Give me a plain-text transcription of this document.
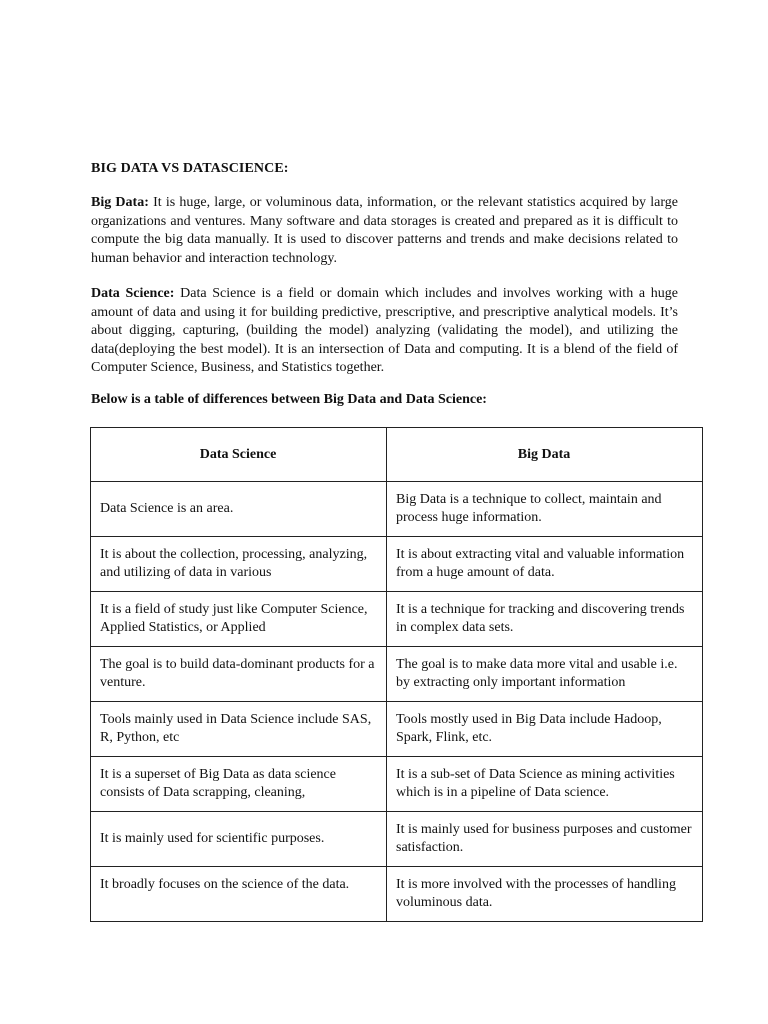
BIG DATA VS DATASCIENCE:

Big Data: It is huge, large, or voluminous data, information, or the relevant statistics acquired by large organizations and ventures. Many software and data storages is created and prepared as it is difficult to compute the big data manually. It is used to discover patterns and trends and make decisions related to human behavior and interaction technology.

Data Science: Data Science is a field or domain which includes and involves working with a huge amount of data and using it for building predictive, prescriptive, and prescriptive analytical models. It’s about digging, capturing, (building the model) analyzing (validating the model), and utilizing the data(deploying the best model). It is an intersection of Data and computing. It is a blend of the field of Computer Science, Business, and Statistics together.

Below is a table of differences between Big Data and Data Science:
Data Science	Big Data

Data Science is an area.	Big Data is a technique to collect, maintain and process huge information.

It is about the collection, processing, analyzing, and utilizing of data in various	It is about extracting vital and valuable information from a huge amount of data.

It is a field of study just like Computer Science, Applied Statistics, or Applied	It is a technique for tracking and discovering trends in complex data sets.

The goal is to build data-dominant products for a venture.	The goal is to make data more vital and usable i.e. by extracting only important information

Tools mainly used in Data Science include SAS, R, Python, etc	Tools mostly used in Big Data include Hadoop, Spark, Flink, etc.

It is a superset of Big Data as data science consists of Data scrapping, cleaning,	It is a sub-set of Data Science as mining activities which is in a pipeline of Data science.

It is mainly used for scientific purposes.	It is mainly used for business purposes and customer satisfaction.

It broadly focuses on the science of the data.	It is more involved with the processes of handling voluminous data.
